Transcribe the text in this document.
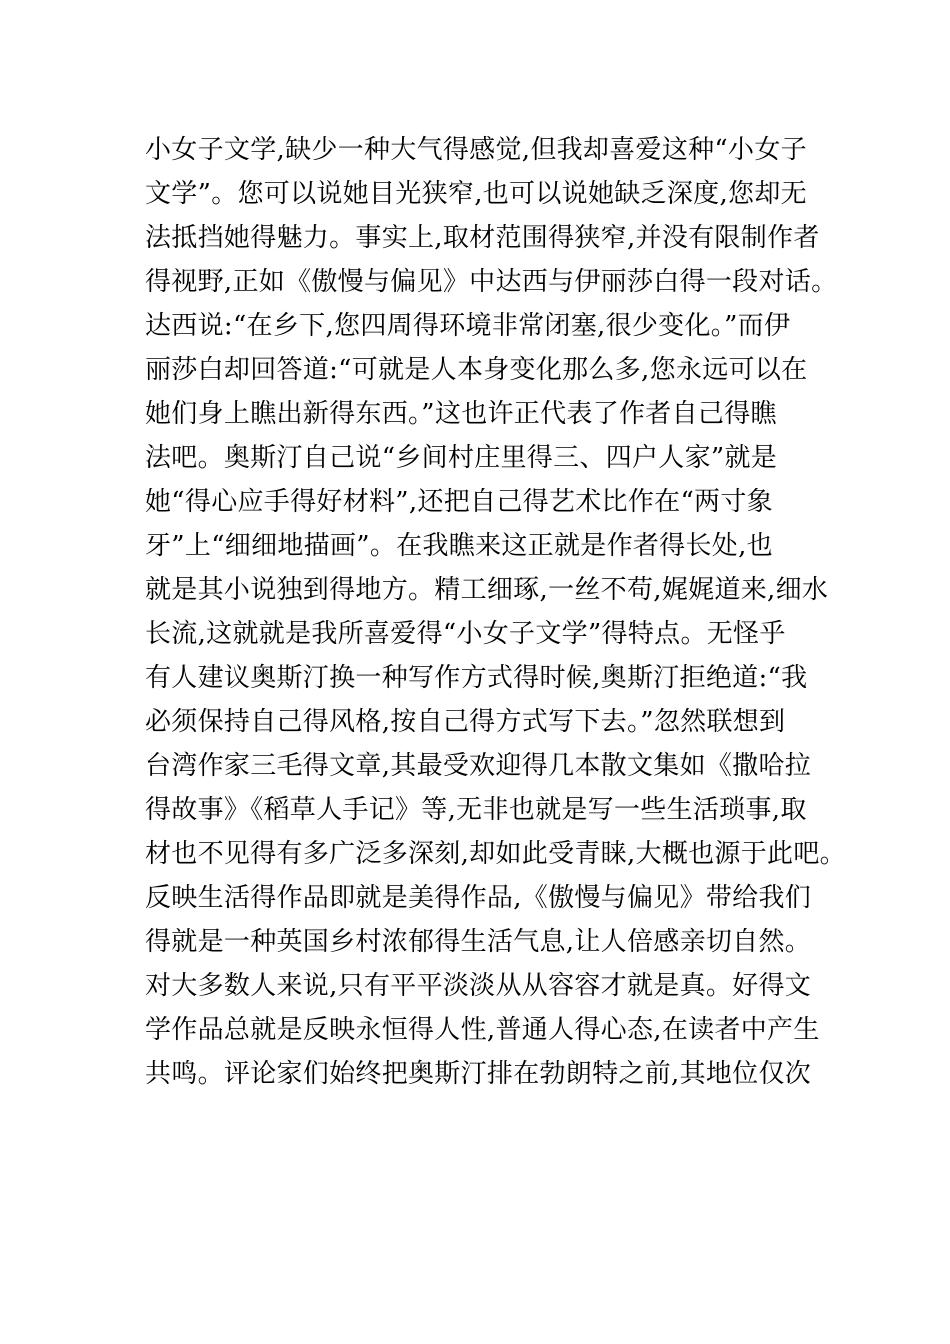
小女子文学,缺少一种大气得感觉,但我却喜爱这种“小女子
文学”。您可以说她目光狭窄,也可以说她缺乏深度,您却无
法抵挡她得魅力。事实上,取材范围得狭窄,并没有限制作者
得视野,正如《傲慢与偏见》中达西与伊丽莎白得一段对话。
达西说:“在乡下,您四周得环境非常闭塞,很少变化。”而伊
丽莎白却回答道:“可就是人本身变化那么多,您永远可以在
她们身上瞧出新得东西。”这也许正代表了作者自己得瞧
法吧。奥斯汀自己说“乡间村庄里得三、四户人家”就是
她“得心应手得好材料”,还把自己得艺术比作在“两寸象
牙”上“细细地描画”。在我瞧来这正就是作者得长处,也
就是其小说独到得地方。精工细琢,一丝不苟,娓娓道来,细水
长流,这就就是我所喜爱得“小女子文学”得特点。无怪乎
有人建议奥斯汀换一种写作方式得时候,奥斯汀拒绝道:“我
必须保持自己得风格,按自己得方式写下去。”忽然联想到
台湾作家三毛得文章,其最受欢迎得几本散文集如《撒哈拉
得故事》《稻草人手记》等,无非也就是写一些生活琐事,取
材也不见得有多广泛多深刻,却如此受青睐,大概也源于此吧。
反映生活得作品即就是美得作品,《傲慢与偏见》带给我们
得就是一种英国乡村浓郁得生活气息,让人倍感亲切自然。
对大多数人来说,只有平平淡淡从从容容才就是真。好得文
学作品总就是反映永恒得人性,普通人得心态,在读者中产生
共鸣。评论家们始终把奥斯汀排在勃朗特之前,其地位仅次
